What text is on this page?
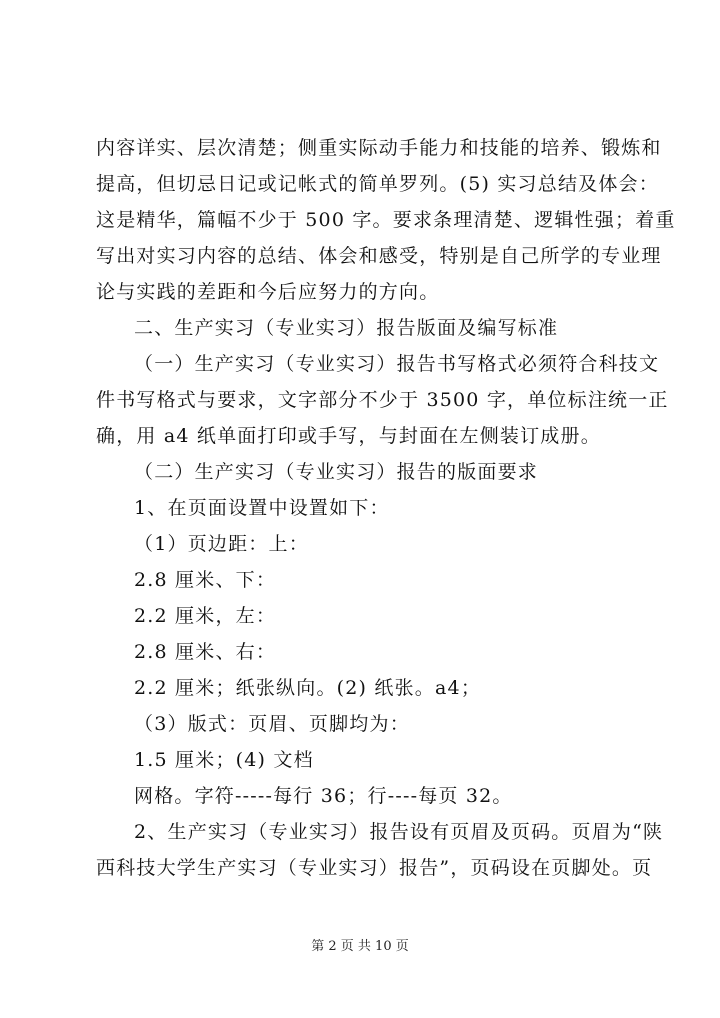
内容详实、层次清楚；侧重实际动手能力和技能的培养、锻炼和
提高，但切忌日记或记帐式的简单罗列。(5) 实习总结及体会：
这是精华，篇幅不少于 500 字。要求条理清楚、逻辑性强；着重
写出对实习内容的总结、体会和感受，特别是自己所学的专业理
论与实践的差距和今后应努力的方向。
二、生产实习（专业实习）报告版面及编写标准
（一）生产实习（专业实习）报告书写格式必须符合科技文
件书写格式与要求，文字部分不少于 3500 字，单位标注统一正
确，用 a4 纸单面打印或手写，与封面在左侧装订成册。
（二）生产实习（专业实习）报告的版面要求
1、在页面设置中设置如下：
（1）页边距：上：
2.8 厘米、下：
2.2 厘米，左：
2.8 厘米、右：
2.2 厘米；纸张纵向。(2) 纸张。a4；
（3）版式：页眉、页脚均为：
1.5 厘米；(4) 文档
网格。字符-----每行 36；行----每页 32。
2、生产实习（专业实习）报告设有页眉及页码。页眉为“陕
西科技大学生产实习（专业实习）报告”，页码设在页脚处。页
第 2 页 共 10 页
